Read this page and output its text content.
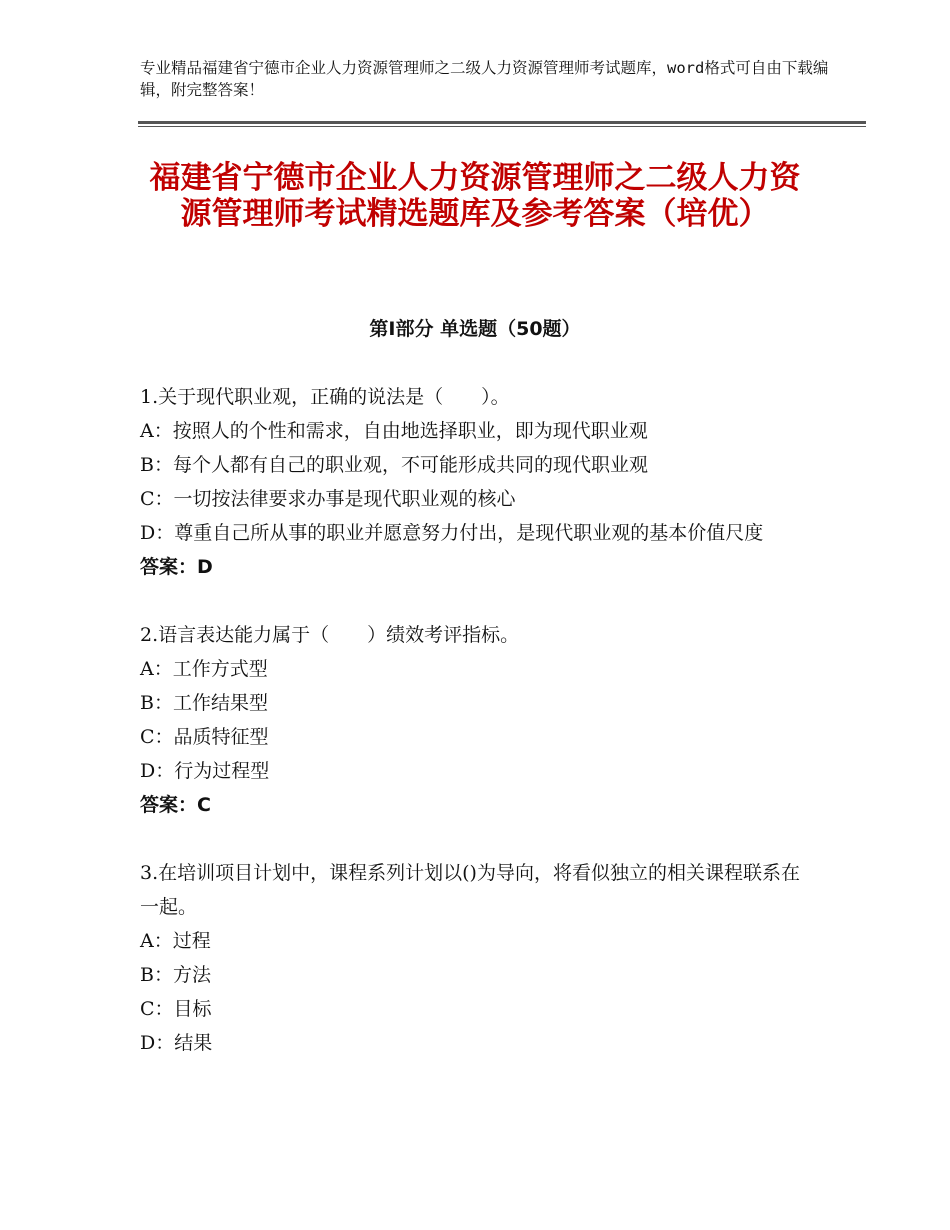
专业精品福建省宁德市企业人力资源管理师之二级人力资源管理师考试题库，word格式可自由下载编辑，附完整答案！
福建省宁德市企业人力资源管理师之二级人力资源管理师考试精选题库及参考答案（培优）
第Ⅰ部分 单选题（50题）

1.关于现代职业观，正确的说法是（　　）。

A：按照人的个性和需求，自由地选择职业，即为现代职业观

B：每个人都有自己的职业观，不可能形成共同的现代职业观

C：一切按法律要求办事是现代职业观的核心

D：尊重自己所从事的职业并愿意努力付出，是现代职业观的基本价值尺度

答案：D

2.语言表达能力属于（　　）绩效考评指标。

A：工作方式型

B：工作结果型

C：品质特征型

D：行为过程型

答案：C

3.在培训项目计划中，课程系列计划以()为导向，将看似独立的相关课程联系在一起。

A：过程

B：方法

C：目标

D：结果
